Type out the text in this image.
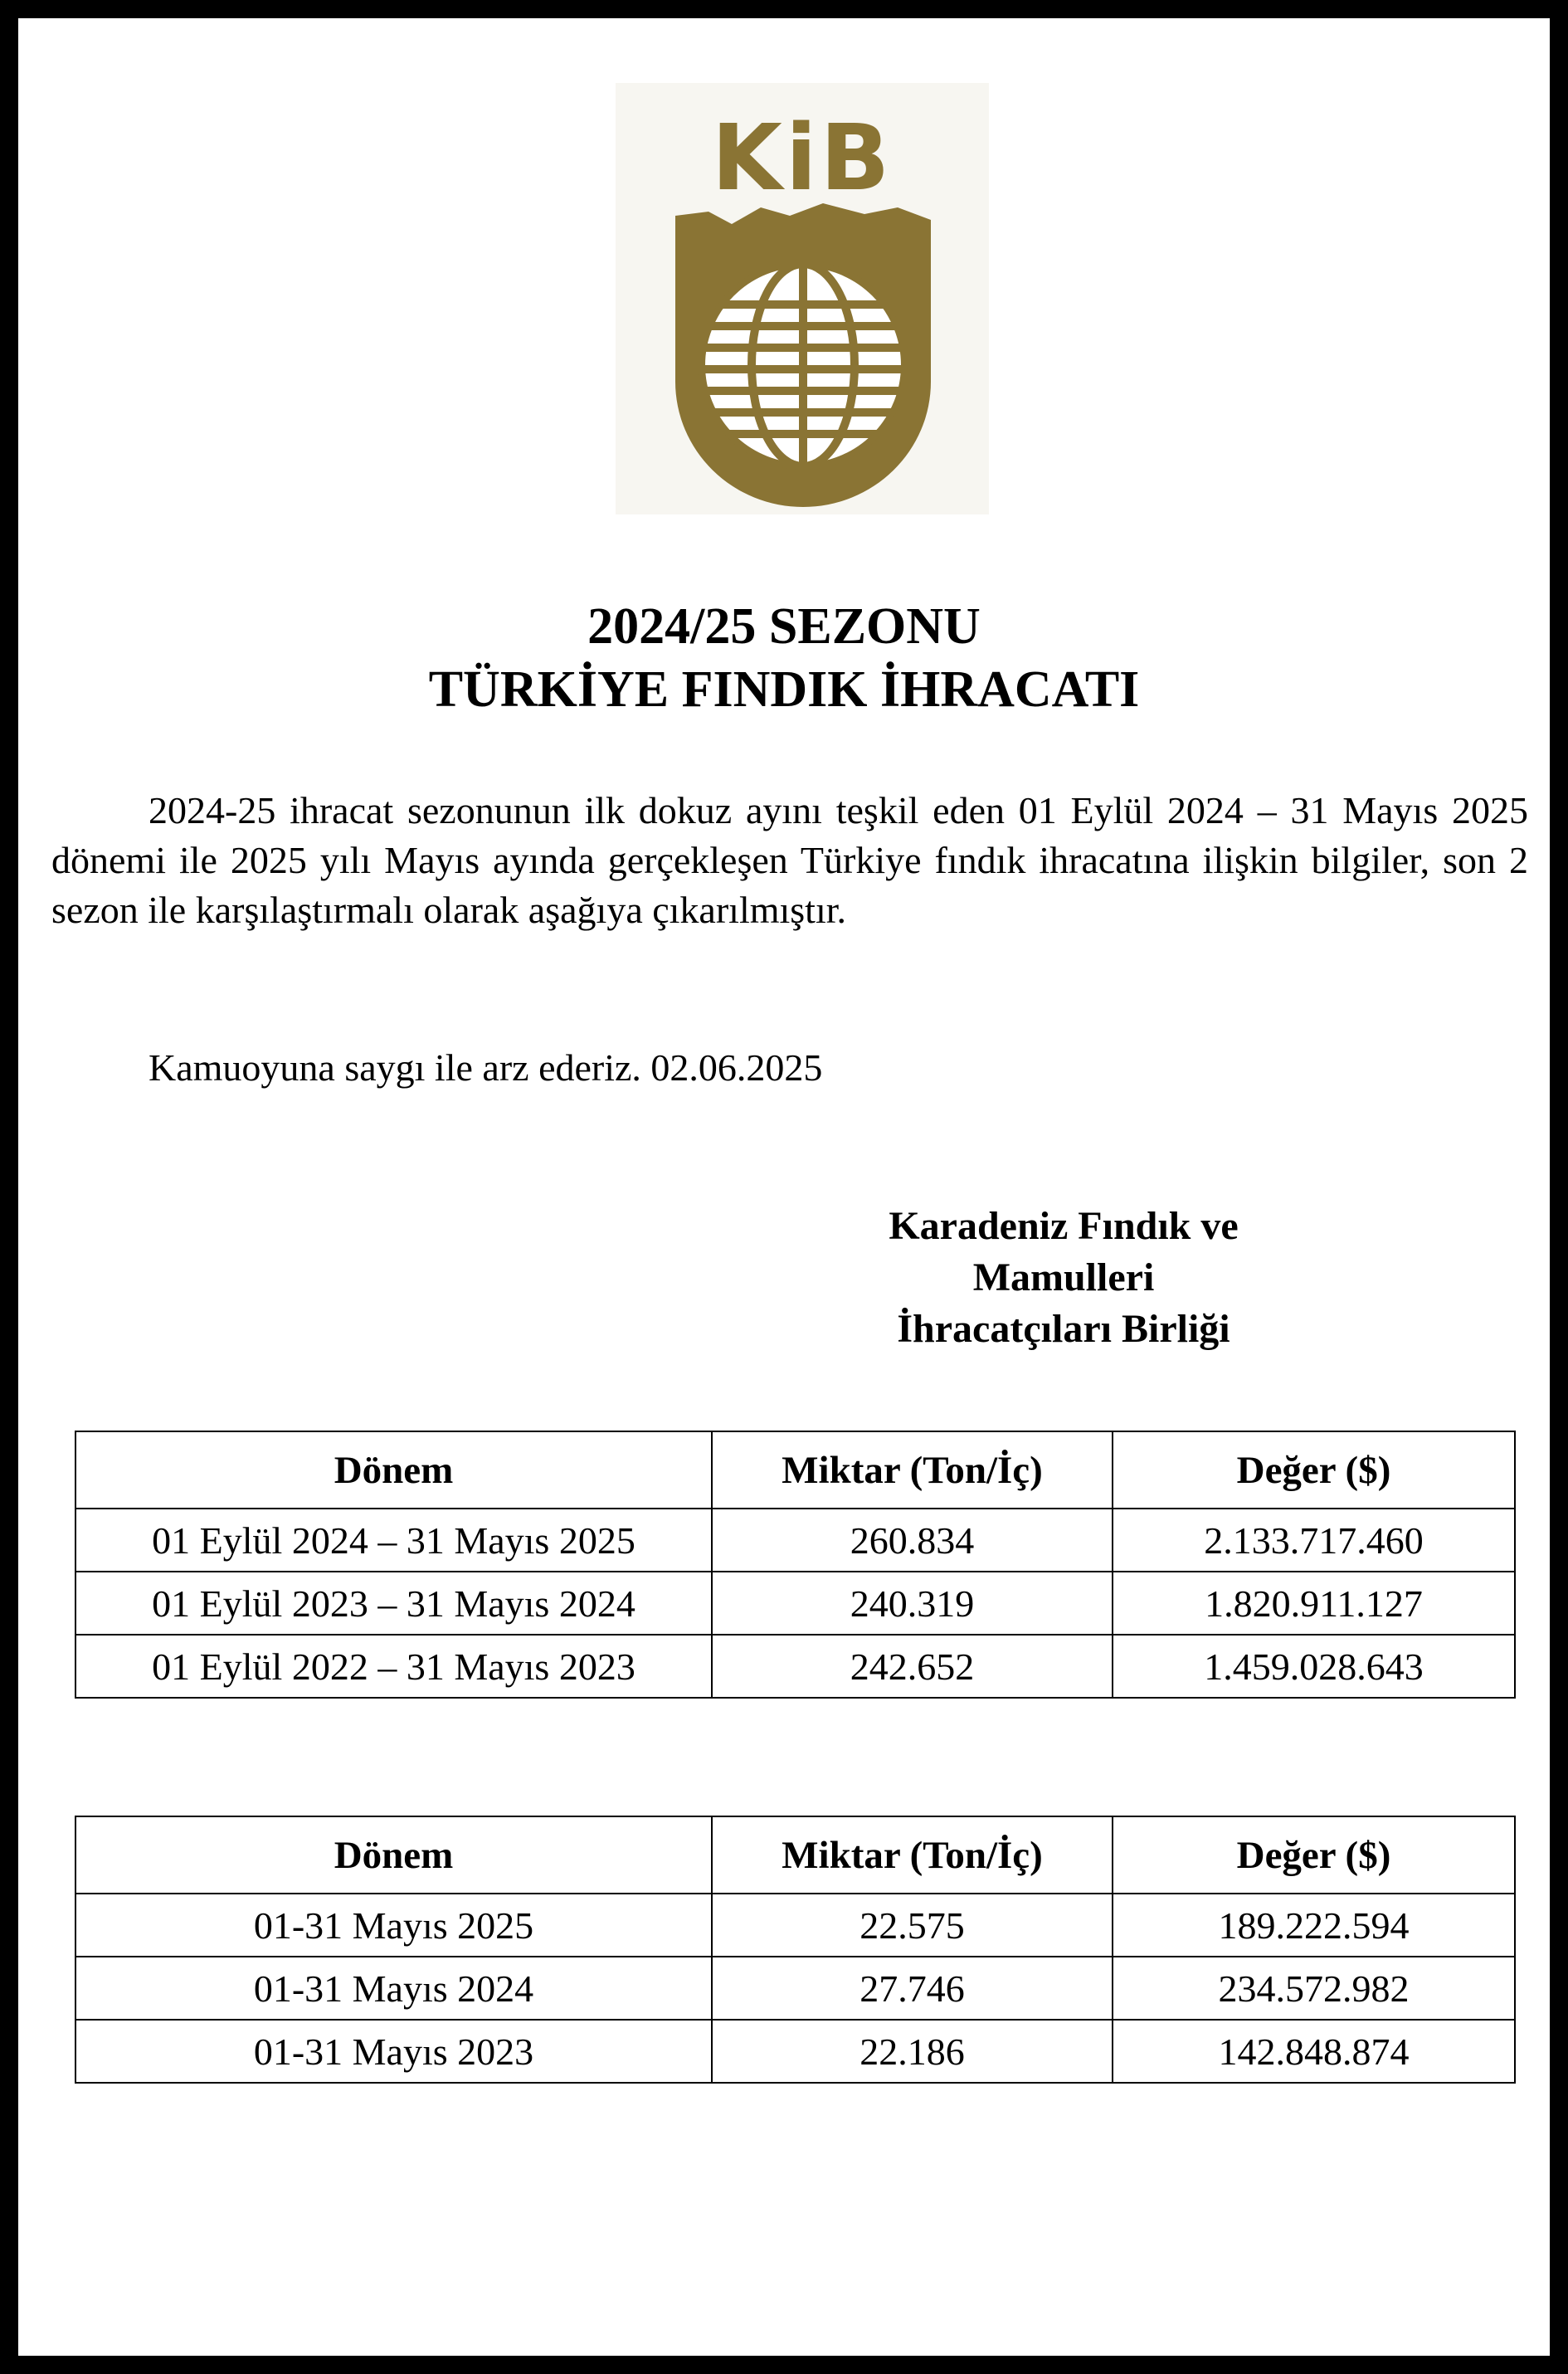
KiB
2024/25 SEZONU
TÜRKİYE FINDIK İHRACATI

2024-25 ihracat sezonunun ilk dokuz ayını teşkil eden 01 Eylül 2024 – 31 Mayıs 2025 dönemi ile 2025 yılı Mayıs ayında gerçekleşen Türkiye fındık ihracatına ilişkin bilgiler, son 2 sezon ile karşılaştırmalı olarak aşağıya çıkarılmıştır.

Kamuoyuna saygı ile arz ederiz. 02.06.2025

Karadeniz Fındık ve Mamulleri
İhracatçıları Birliği
Dönem	Miktar (Ton/İç)	Değer ($)
01 Eylül 2024 – 31 Mayıs 2025	260.834	2.133.717.460
01 Eylül 2023 – 31 Mayıs 2024	240.319	1.820.911.127
01 Eylül 2022 – 31 Mayıs 2023	242.652	1.459.028.643
Dönem	Miktar (Ton/İç)	Değer ($)
01-31 Mayıs 2025	22.575	189.222.594
01-31 Mayıs 2024	27.746	234.572.982
01-31 Mayıs 2023	22.186	142.848.874
